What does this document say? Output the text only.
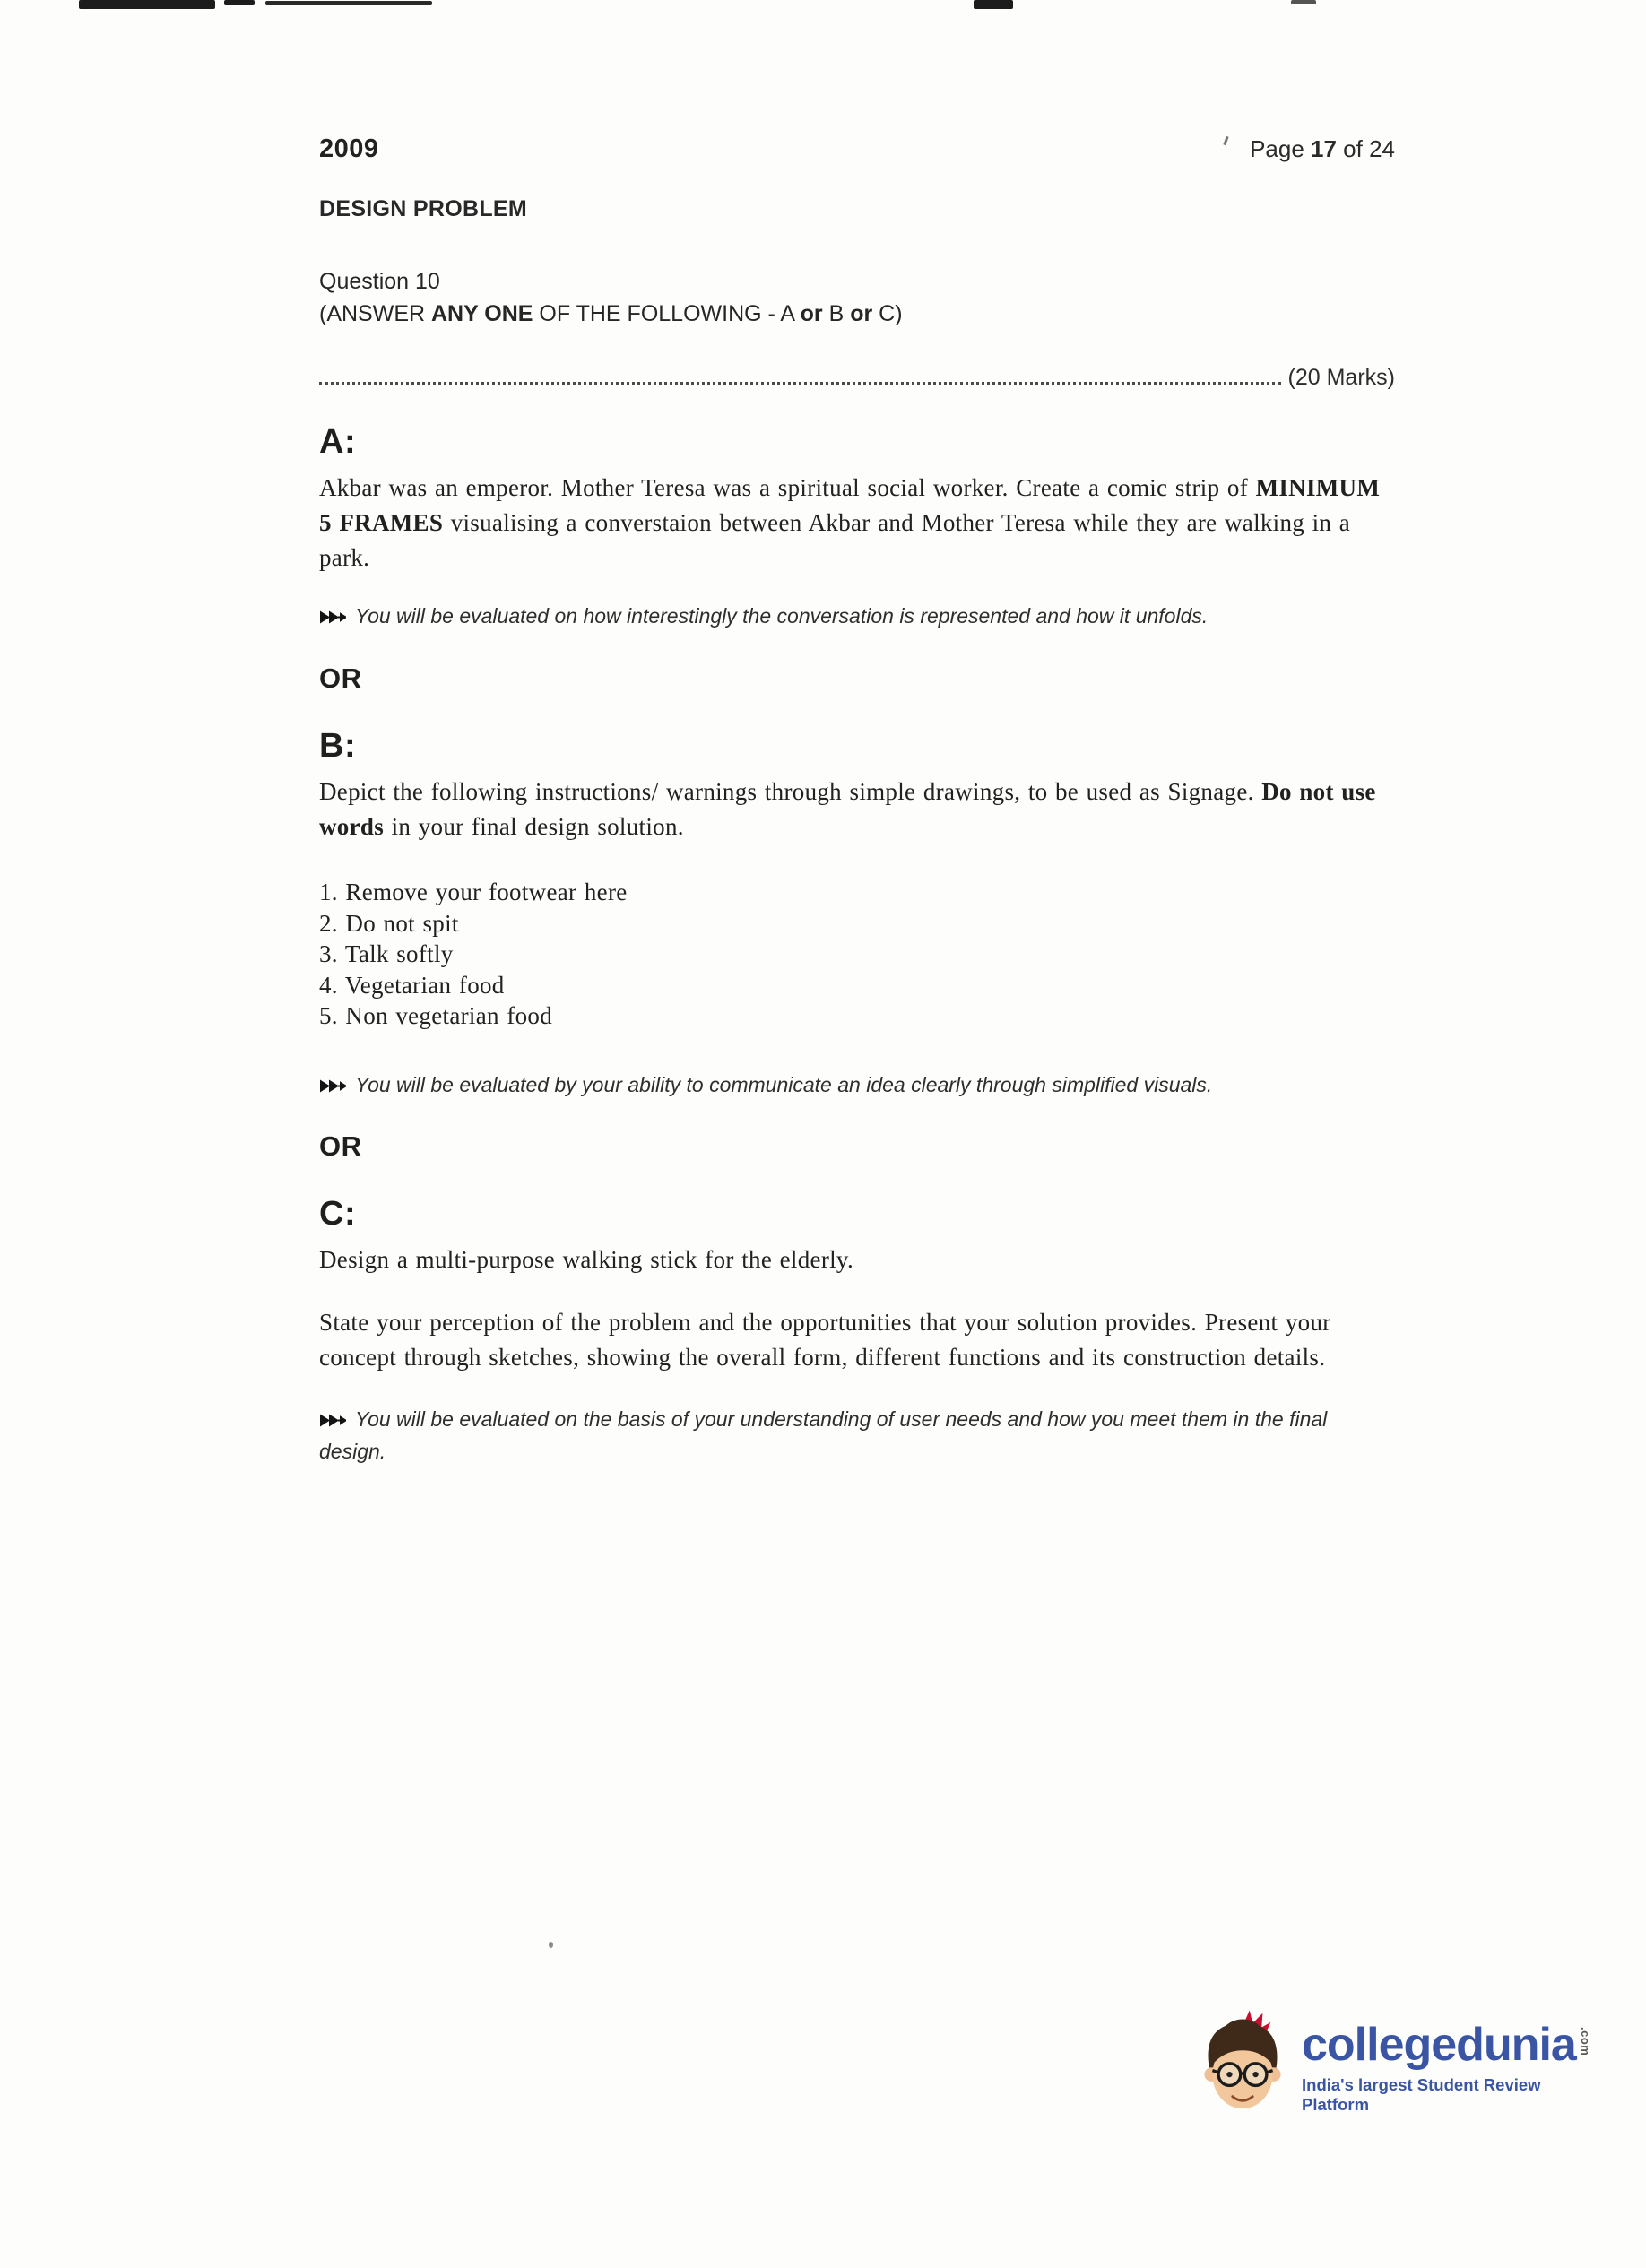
2009	Page 17 of 24
DESIGN PROBLEM
Question 10
(ANSWER ANY ONE OF THE FOLLOWING - A or B or C)
(20 Marks)
A:

Akbar was an emperor. Mother Teresa was a spiritual social worker. Create a comic strip of MINIMUM 5 FRAMES visualising a converstaion between Akbar and Mother Teresa while they are walking in a park.

You will be evaluated on how interestingly the conversation is represented and how it unfolds.
OR
B:

Depict the following instructions/ warnings through simple drawings, to be used as Signage. Do not use words in your final design solution.

1. Remove your footwear here
2. Do not spit
3. Talk softly
4. Vegetarian food
5. Non vegetarian food
You will be evaluated by your ability to communicate an idea clearly through simplified visuals.
OR
C:

Design a multi-purpose walking stick for the elderly.

State your perception of the problem and the opportunities that your solution provides. Present your concept through sketches, showing the overall form, different functions and its construction details.

You will be evaluated on the basis of your understanding of user needs and how you meet them in the final design.
collegedunia .com
India's largest Student Review Platform
